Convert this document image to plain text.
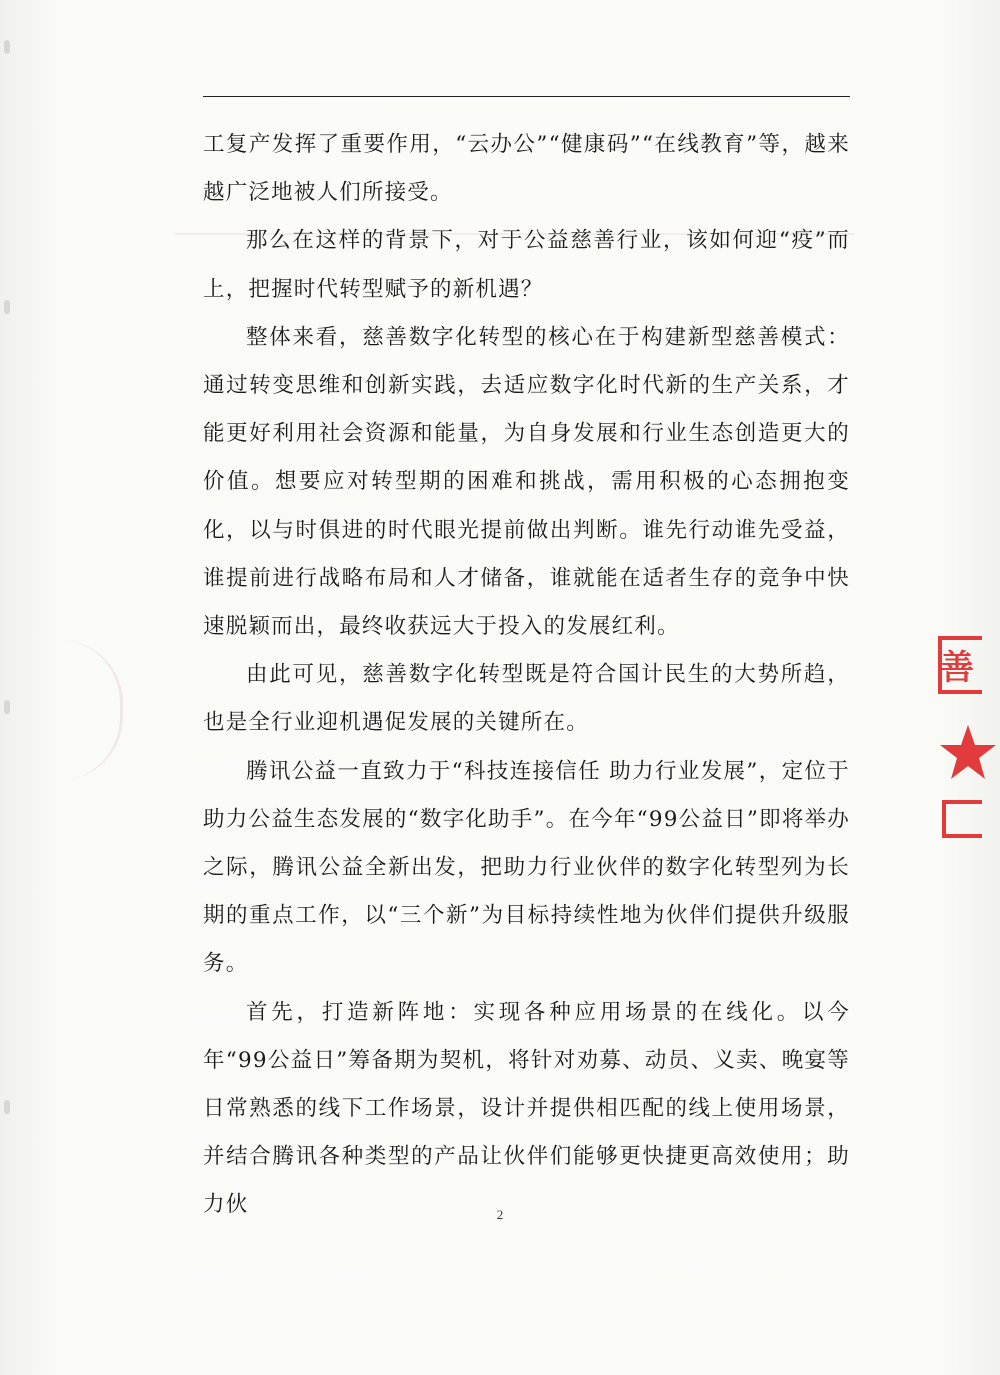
工复产发挥了重要作用，“云办公”“健康码”“在线教育”等，越来越广泛地被人们所接受。

那么在这样的背景下，对于公益慈善行业，该如何迎“疫”而上，把握时代转型赋予的新机遇？

整体来看，慈善数字化转型的核心在于构建新型慈善模式：通过转变思维和创新实践，去适应数字化时代新的生产关系，才能更好利用社会资源和能量，为自身发展和行业生态创造更大的价值。想要应对转型期的困难和挑战，需用积极的心态拥抱变化，以与时俱进的时代眼光提前做出判断。谁先行动谁先受益，谁提前进行战略布局和人才储备，谁就能在适者生存的竞争中快速脱颖而出，最终收获远大于投入的发展红利。

由此可见，慈善数字化转型既是符合国计民生的大势所趋，也是全行业迎机遇促发展的关键所在。

腾讯公益一直致力于“科技连接信任 助力行业发展”，定位于助力公益生态发展的“数字化助手”。在今年“99公益日”即将举办之际，腾讯公益全新出发，把助力行业伙伴的数字化转型列为长期的重点工作，以“三个新”为目标持续性地为伙伴们提供升级服务。

首先，打造新阵地：实现各种应用场景的在线化。以今年“99公益日”筹备期为契机，将针对劝募、动员、义卖、晚宴等日常熟悉的线下工作场景，设计并提供相匹配的线上使用场景，并结合腾讯各种类型的产品让伙伴们能够更快捷更高效使用；助力伙	2
善
